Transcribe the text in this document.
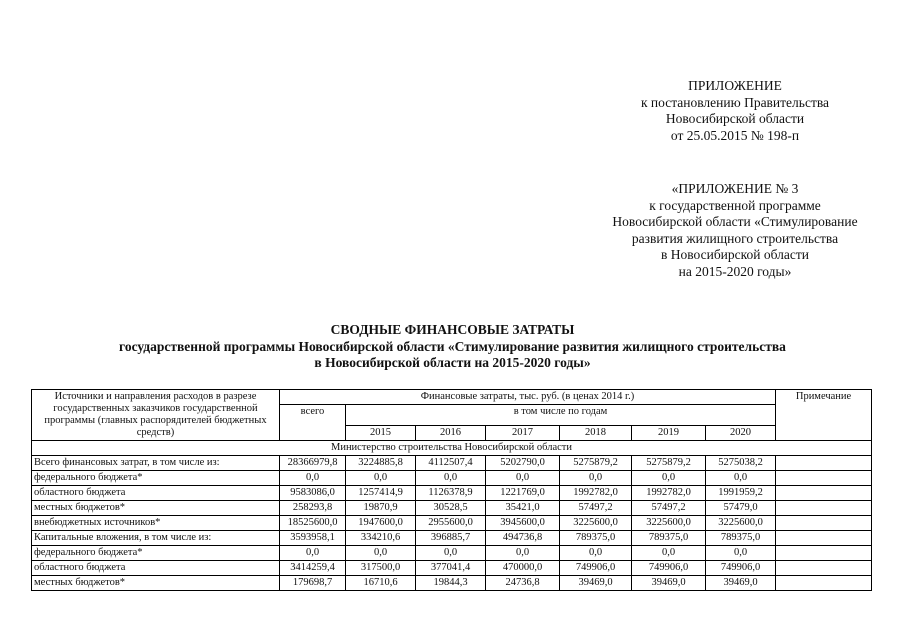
ПРИЛОЖЕНИЕ
к постановлению Правительства
Новосибирской области
от 25.05.2015 № 198-п
«ПРИЛОЖЕНИЕ № 3
к государственной программе
Новосибирской области «Стимулирование
развития жилищного строительства
в Новосибирской области
на 2015-2020 годы»
СВОДНЫЕ ФИНАНСОВЫЕ ЗАТРАТЫ
государственной программы Новосибирской области «Стимулирование развития жилищного строительства
в Новосибирской области на 2015-2020 годы»
Источники и направления расходов в разрезе государственных заказчиков государственной программы (главных распорядителей бюджетных средств)	Финансовые затраты, тыс. руб. (в ценах 2014 г.)							Примечание
	всего	в том числе по годам						
		2015	2016	2017	2018	2019	2020	
Министерство строительства Новосибирской области								
Всего финансовых затрат, в том числе из:	28366979,8	3224885,8	4112507,4	5202790,0	5275879,2	5275879,2	5275038,2	
федерального бюджета*	0,0	0,0	0,0	0,0	0,0	0,0	0,0	
областного бюджета	9583086,0	1257414,9	1126378,9	1221769,0	1992782,0	1992782,0	1991959,2	
местных бюджетов*	258293,8	19870,9	30528,5	35421,0	57497,2	57497,2	57479,0	
внебюджетных источников*	18525600,0	1947600,0	2955600,0	3945600,0	3225600,0	3225600,0	3225600,0	
Капитальные вложения, в том числе из:	3593958,1	334210,6	396885,7	494736,8	789375,0	789375,0	789375,0	
федерального бюджета*	0,0	0,0	0,0	0,0	0,0	0,0	0,0	
областного бюджета	3414259,4	317500,0	377041,4	470000,0	749906,0	749906,0	749906,0	
местных бюджетов*	179698,7	16710,6	19844,3	24736,8	39469,0	39469,0	39469,0	
